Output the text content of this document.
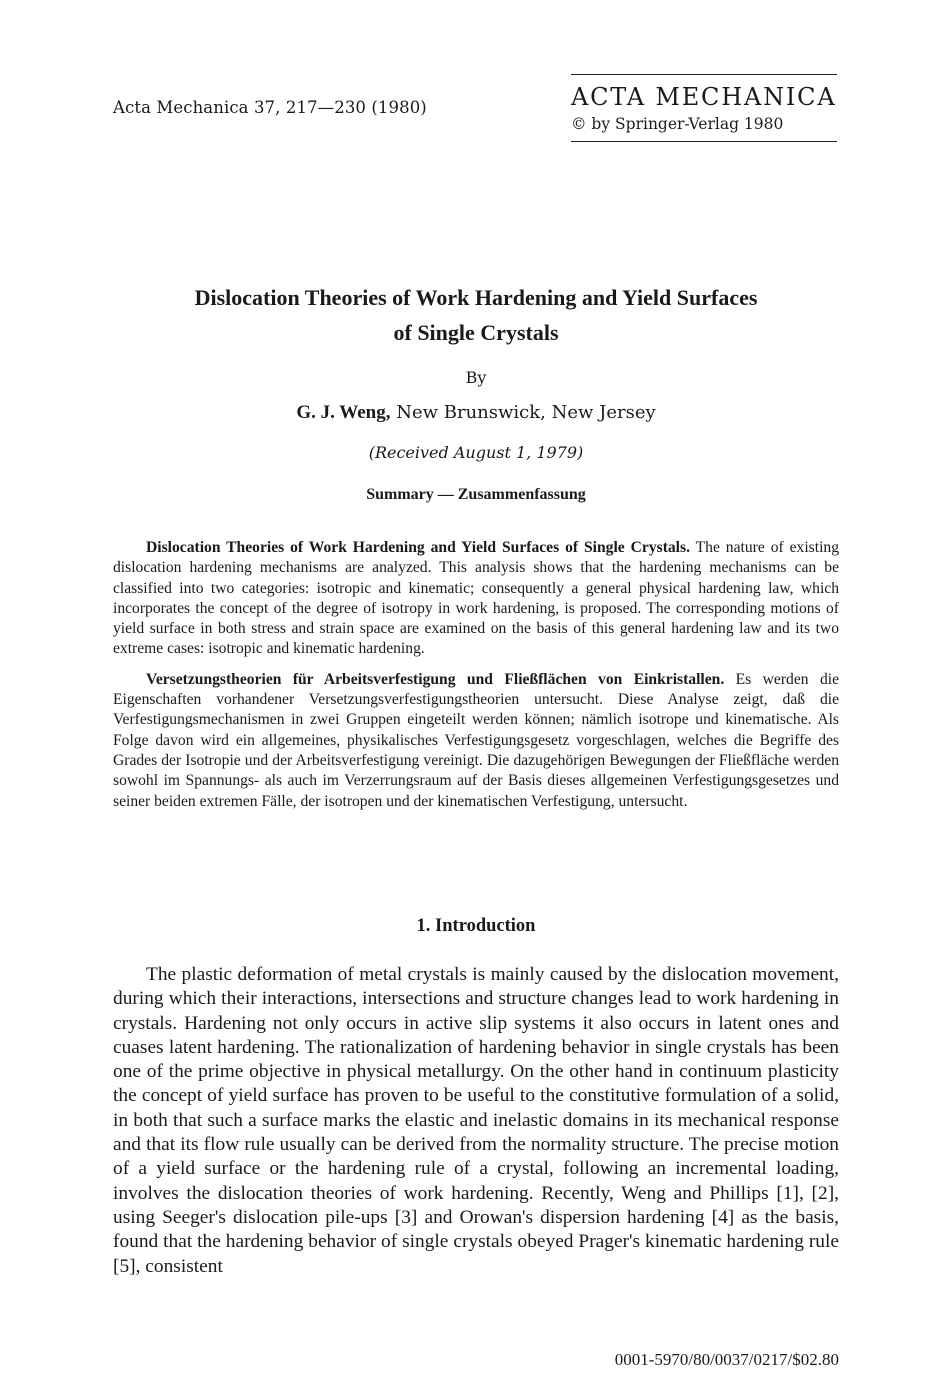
Acta Mechanica 37, 217—230 (1980)	ACTA MECHANICA
© by Springer-Verlag 1980
Dislocation Theories of Work Hardening and Yield Surfaces
of Single Crystals
By
G. J. Weng, New Brunswick, New Jersey
(Received August 1, 1979)
Summary — Zusammenfassung

Dislocation Theories of Work Hardening and Yield Surfaces of Single Crystals. The nature of existing dislocation hardening mechanisms are analyzed. This analysis shows that the hardening mechanisms can be classified into two categories: isotropic and kinematic; consequently a general physical hardening law, which incorporates the concept of the degree of isotropy in work hardening, is proposed. The corresponding motions of yield surface in both stress and strain space are examined on the basis of this general hardening law and its two extreme cases: isotropic and kinematic hardening.

Versetzungstheorien für Arbeitsverfestigung und Fließflächen von Einkristallen. Es werden die Eigenschaften vorhandener Versetzungsverfestigungstheorien untersucht. Diese Analyse zeigt, daß die Verfestigungsmechanismen in zwei Gruppen eingeteilt werden können; nämlich isotrope und kinematische. Als Folge davon wird ein allgemeines, physikalisches Verfestigungsgesetz vorgeschlagen, welches die Begriffe des Grades der Isotropie und der Arbeitsverfestigung vereinigt. Die dazugehörigen Bewegungen der Fließfläche werden sowohl im Spannungs- als auch im Verzerrungsraum auf der Basis dieses allgemeinen Verfestigungsgesetzes und seiner beiden extremen Fälle, der isotropen und der kinematischen Verfestigung, untersucht.

1. Introduction

The plastic deformation of metal crystals is mainly caused by the dislocation movement, during which their interactions, intersections and structure changes lead to work hardening in crystals. Hardening not only occurs in active slip systems it also occurs in latent ones and cuases latent hardening. The rationalization of hardening behavior in single crystals has been one of the prime objective in physical metallurgy. On the other hand in continuum plasticity the concept of yield surface has proven to be useful to the constitutive formulation of a solid, in both that such a surface marks the elastic and inelastic domains in its mechanical response and that its flow rule usually can be derived from the normality structure. The precise motion of a yield surface or the hardening rule of a crystal, following an incremental loading, involves the dislocation theories of work hardening. Recently, Weng and Phillips [1], [2], using Seeger's dislocation pile-ups [3] and Orowan's dispersion hardening [4] as the basis, found that the hardening behavior of single crystals obeyed Prager's kinematic hardening rule [5], consistent

0001-5970/80/0037/0217/$02.80
